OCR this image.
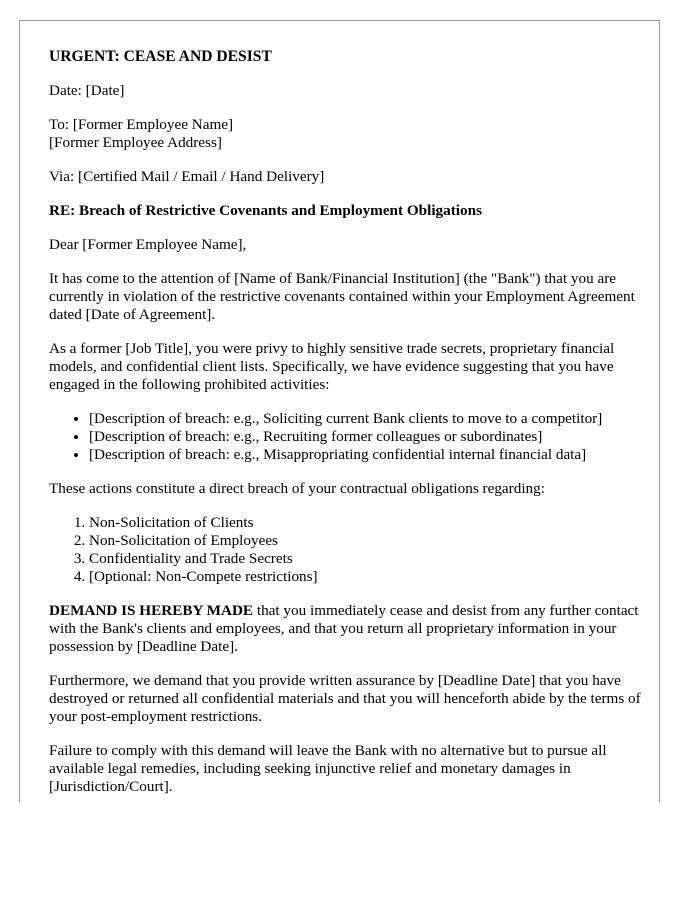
URGENT: CEASE AND DESIST

Date: [Date]

To: [Former Employee Name]
[Former Employee Address]

Via: [Certified Mail / Email / Hand Delivery]

RE: Breach of Restrictive Covenants and Employment Obligations

Dear [Former Employee Name],

It has come to the attention of [Name of Bank/Financial Institution] (the "Bank") that you are currently in violation of the restrictive covenants contained within your Employment Agreement dated [Date of Agreement].

As a former [Job Title], you were privy to highly sensitive trade secrets, proprietary financial models, and confidential client lists. Specifically, we have evidence suggesting that you have engaged in the following prohibited activities:

• [Description of breach: e.g., Soliciting current Bank clients to move to a competitor]
• [Description of breach: e.g., Recruiting former colleagues or subordinates]
• [Description of breach: e.g., Misappropriating confidential internal financial data]

These actions constitute a direct breach of your contractual obligations regarding:

1. Non-Solicitation of Clients
2. Non-Solicitation of Employees
3. Confidentiality and Trade Secrets
4. [Optional: Non-Compete restrictions]

DEMAND IS HEREBY MADE that you immediately cease and desist from any further contact with the Bank's clients and employees, and that you return all proprietary information in your possession by [Deadline Date].

Furthermore, we demand that you provide written assurance by [Deadline Date] that you have destroyed or returned all confidential materials and that you will henceforth abide by the terms of your post-employment restrictions.

Failure to comply with this demand will leave the Bank with no alternative but to pursue all available legal remedies, including seeking injunctive relief and monetary damages in [Jurisdiction/Court].
